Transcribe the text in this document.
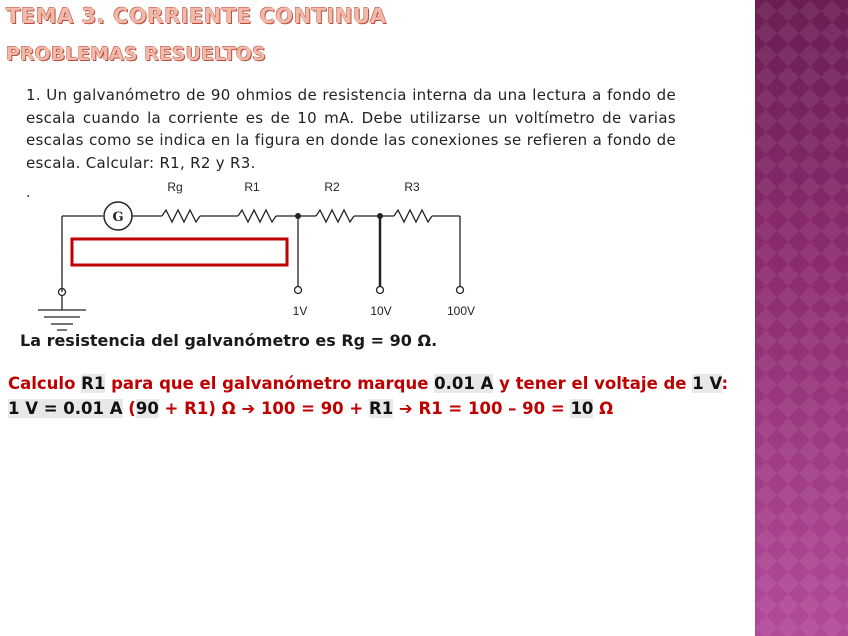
TEMA 3. CORRIENTE CONTINUA
PROBLEMAS RESUELTOS
1. Un galvanómetro de 90 ohmios de resistencia interna da una lectura a fondo de escala cuando la corriente es de 10 mA. Debe utilizarse un voltímetro de varias escalas como se indica en la figura en donde las conexiones se refieren a fondo de escala. Calcular: R1, R2 y R3.
.
G
Rg	R1	R2	R3
1V	10V	100V
La resistencia del galvanómetro es Rg = 90 Ω.
Calculo R1 para que el galvanómetro marque 0.01 A y tener el voltaje de 1 V: 1 V = 0.01 A (90 + R1) Ω ➔ 100 = 90 + R1 ➔ R1 = 100 – 90 = 10 Ω
